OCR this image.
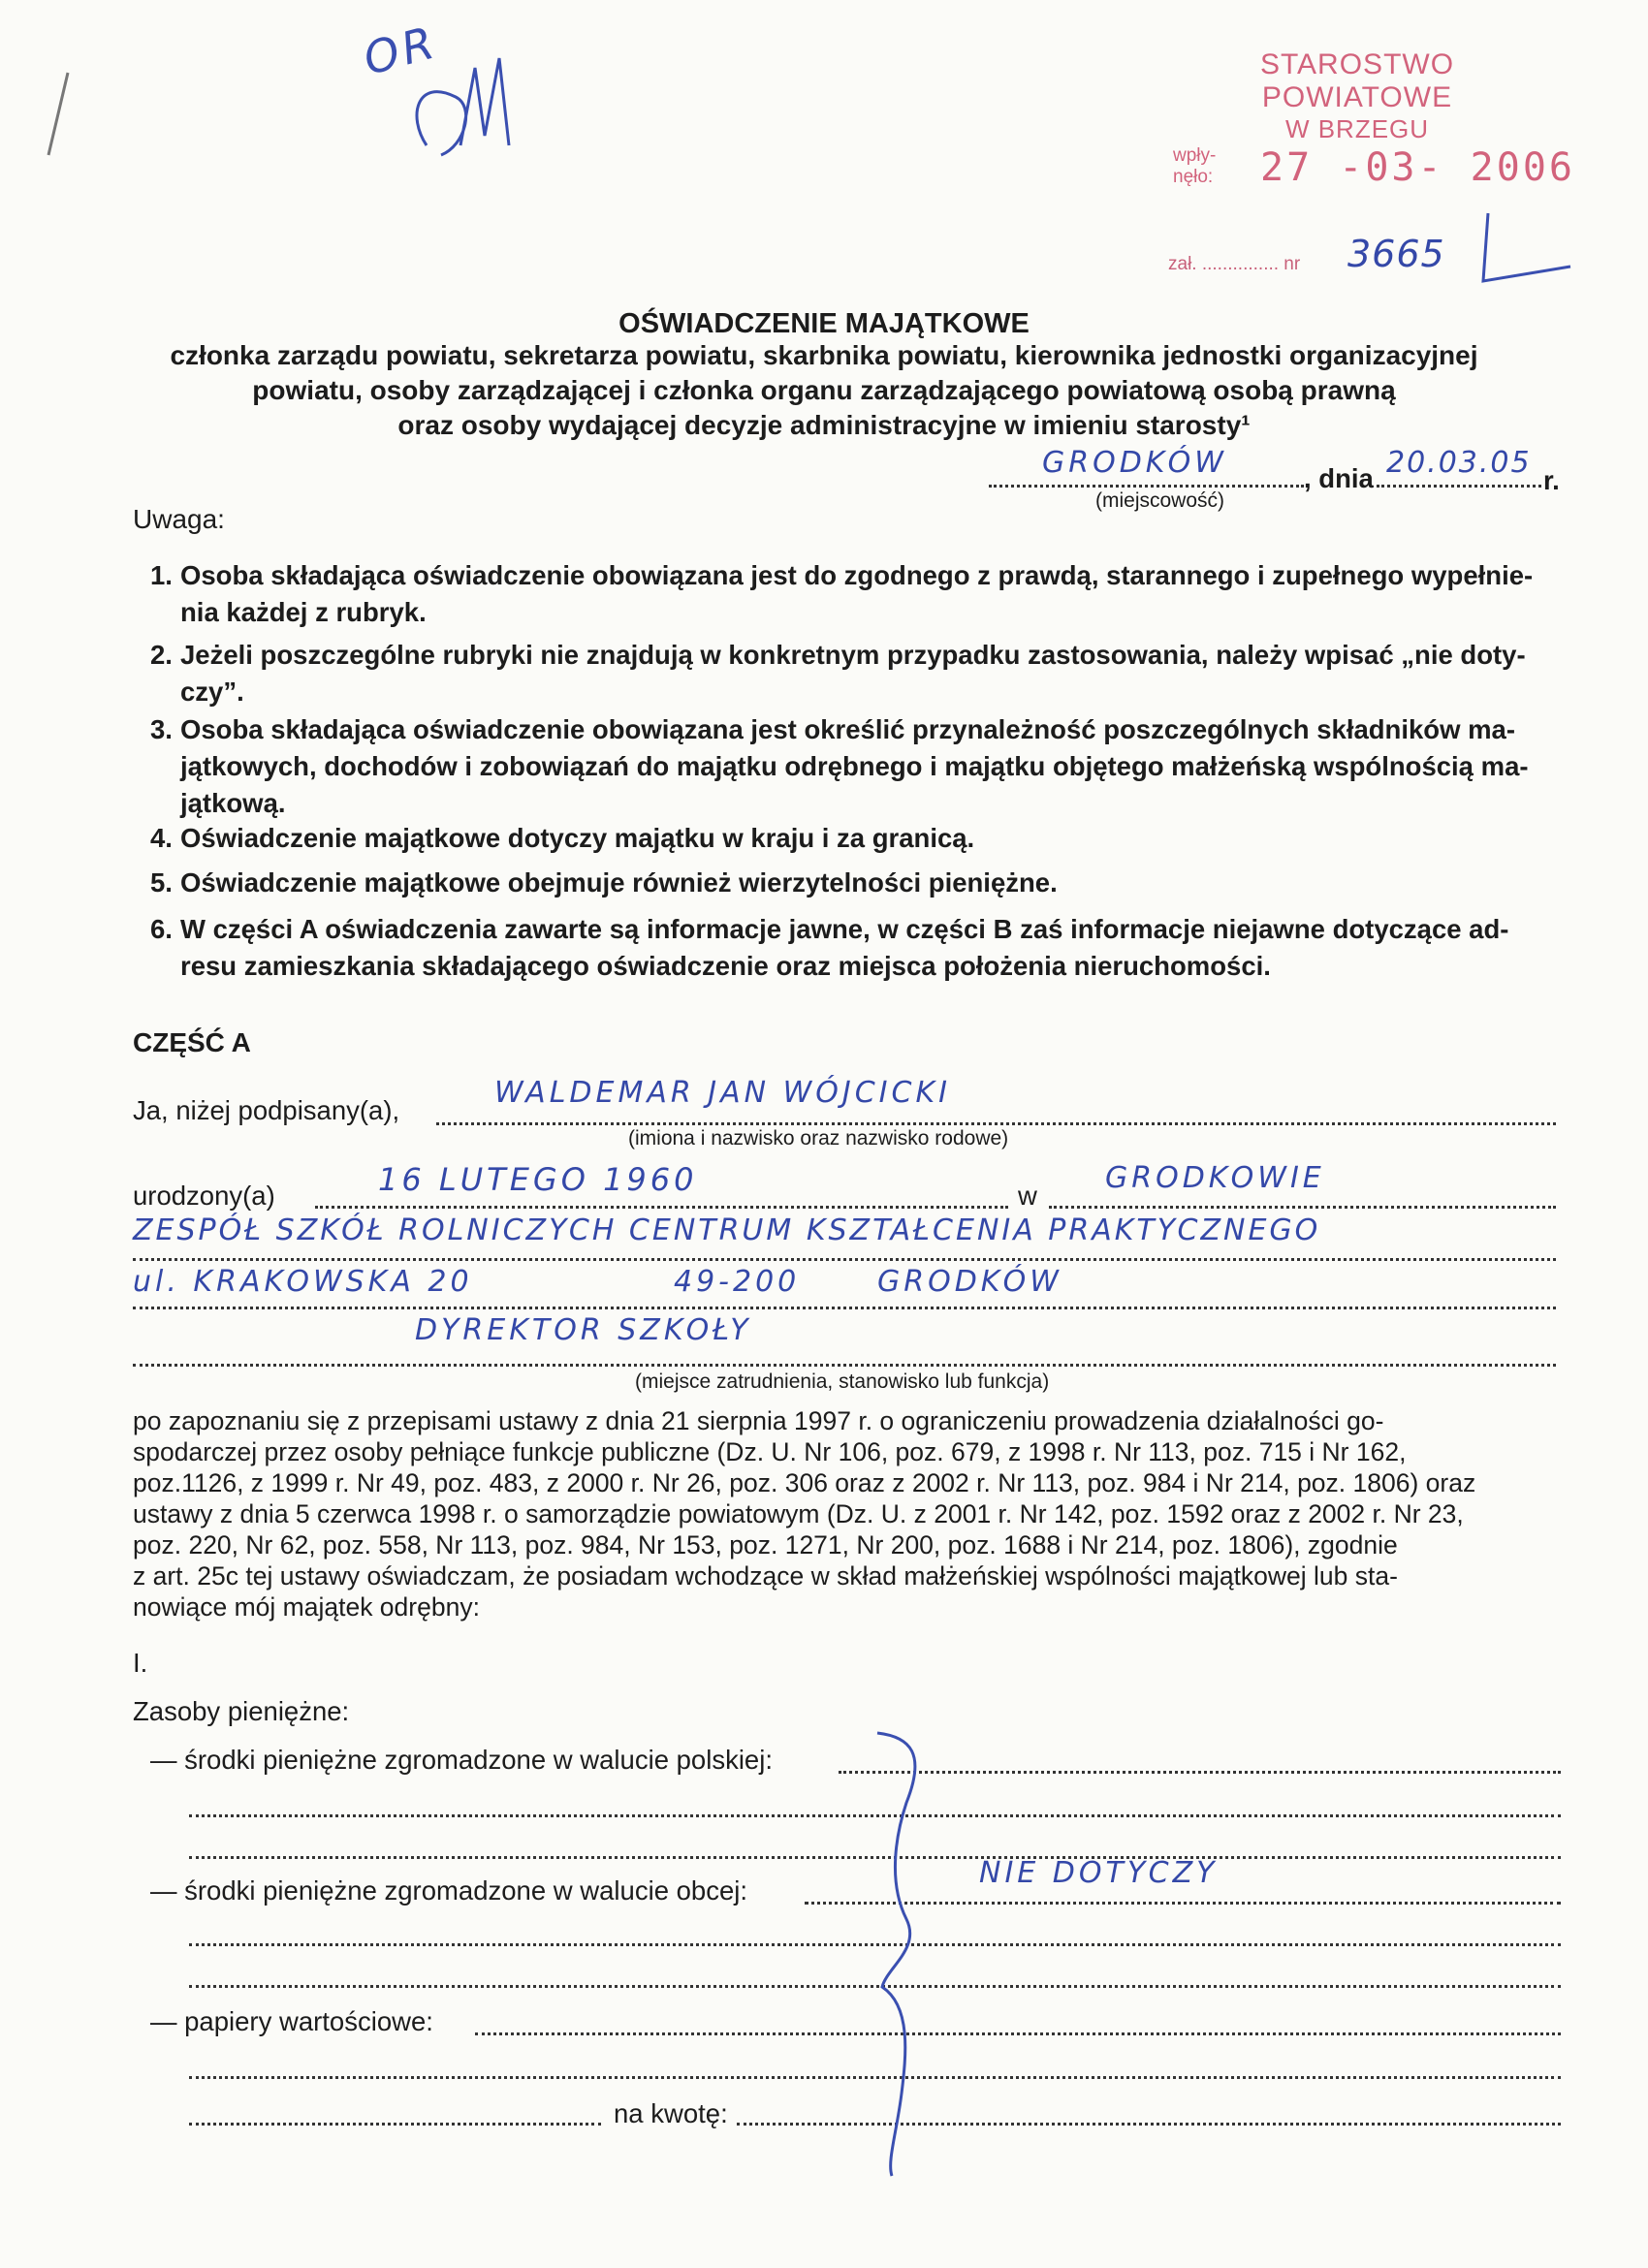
OR	STAROSTWO POWIATOWE
W BRZEGU
wpły-
nęło: 27 -03- 2006
zał. ............... nr 3665
OŚWIADCZENIE MAJĄTKOWE
członka zarządu powiatu, sekretarza powiatu, skarbnika powiatu, kierownika jednostki organizacyjnej
powiatu, osoby zarządzającej i członka organu zarządzającego powiatową osobą prawną
oraz osoby wydającej decyzje administracyjne w imieniu starosty¹
GRODKÓW	, dnia 20.03.05
r.
(miejscowość)
Uwaga:
1. Osoba składająca oświadczenie obowiązana jest do zgodnego z prawdą, starannego i zupełnego wypełnie-
nia każdej z rubryk.
2. Jeżeli poszczególne rubryki nie znajdują w konkretnym przypadku zastosowania, należy wpisać „nie doty-
czy”.
3. Osoba składająca oświadczenie obowiązana jest określić przynależność poszczególnych składników ma-
jątkowych, dochodów i zobowiązań do majątku odrębnego i majątku objętego małżeńską wspólnością ma-
jątkową.
4. Oświadczenie majątkowe dotyczy majątku w kraju i za granicą.
5. Oświadczenie majątkowe obejmuje również wierzytelności pieniężne.
6. W części A oświadczenia zawarte są informacje jawne, w części B zaś informacje niejawne dotyczące ad-
resu zamieszkania składającego oświadczenie oraz miejsca położenia nieruchomości.
CZĘŚĆ A
Ja, niżej podpisany(a),
WALDEMAR JAN WÓJCICKI
(imiona i nazwisko oraz nazwisko rodowe)
urodzony(a)	16 LUTEGO 1960	w
GRODKOWIE
ZESPÓŁ SZKÓŁ ROLNICZYCH CENTRUM KSZTAŁCENIA PRAKTYCZNEGO
ul. KRAKOWSKA 20	49-200	GRODKÓW
DYREKTOR SZKOŁY
(miejsce zatrudnienia, stanowisko lub funkcja)
po zapoznaniu się z przepisami ustawy z dnia 21 sierpnia 1997 r. o ograniczeniu prowadzenia działalności go-
spodarczej przez osoby pełniące funkcje publiczne (Dz. U. Nr 106, poz. 679, z 1998 r. Nr 113, poz. 715 i Nr 162,
poz.1126, z 1999 r. Nr 49, poz. 483, z 2000 r. Nr 26, poz. 306 oraz z 2002 r. Nr 113, poz. 984 i Nr 214, poz. 1806) oraz
ustawy z dnia 5 czerwca 1998 r. o samorządzie powiatowym (Dz. U. z 2001 r. Nr 142, poz. 1592 oraz z 2002 r. Nr 23,
poz. 220, Nr 62, poz. 558, Nr 113, poz. 984, Nr 153, poz. 1271, Nr 200, poz. 1688 i Nr 214, poz. 1806), zgodnie
z art. 25c tej ustawy oświadczam, że posiadam wchodzące w skład małżeńskiej wspólności majątkowej lub sta-
nowiące mój majątek odrębny:
I.
Zasoby pieniężne:
— środki pieniężne zgromadzone w walucie polskiej:
— środki pieniężne zgromadzone w walucie obcej:
NIE DOTYCZY
— papiery wartościowe:
na kwotę:
